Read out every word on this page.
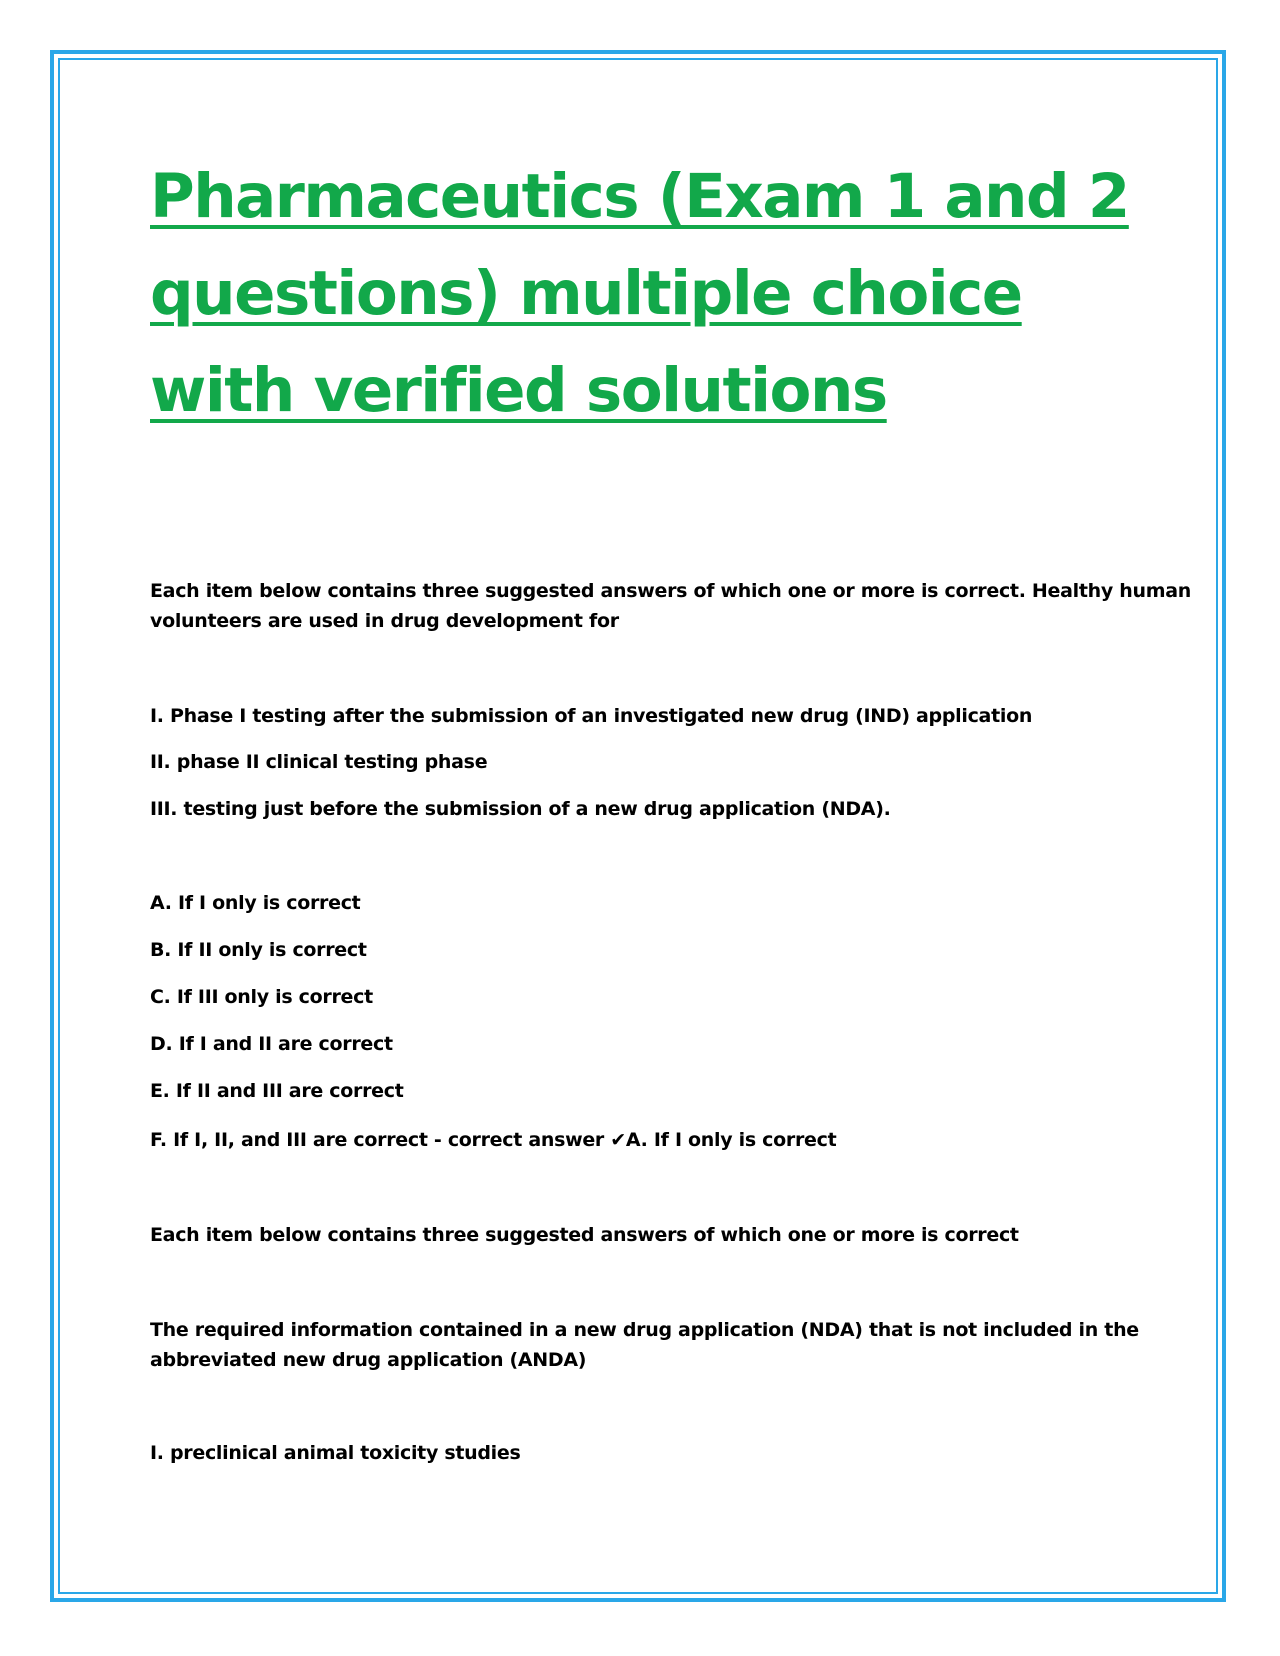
Pharmaceutics (Exam 1 and 2
questions) multiple choice
with verified solutions

Each item below contains three suggested answers of which one or more is correct. Healthy human

volunteers are used in drug development for

I. Phase I testing after the submission of an investigated new drug (IND) application

II. phase II clinical testing phase

III. testing just before the submission of a new drug application (NDA).

A. If I only is correct

B. If II only is correct

C. If III only is correct

D. If I and II are correct

E. If II and III are correct

F. If I, II, and III are correct - correct answer ✔A. If I only is correct

Each item below contains three suggested answers of which one or more is correct

The required information contained in a new drug application (NDA) that is not included in the

abbreviated new drug application (ANDA)

I. preclinical animal toxicity studies
